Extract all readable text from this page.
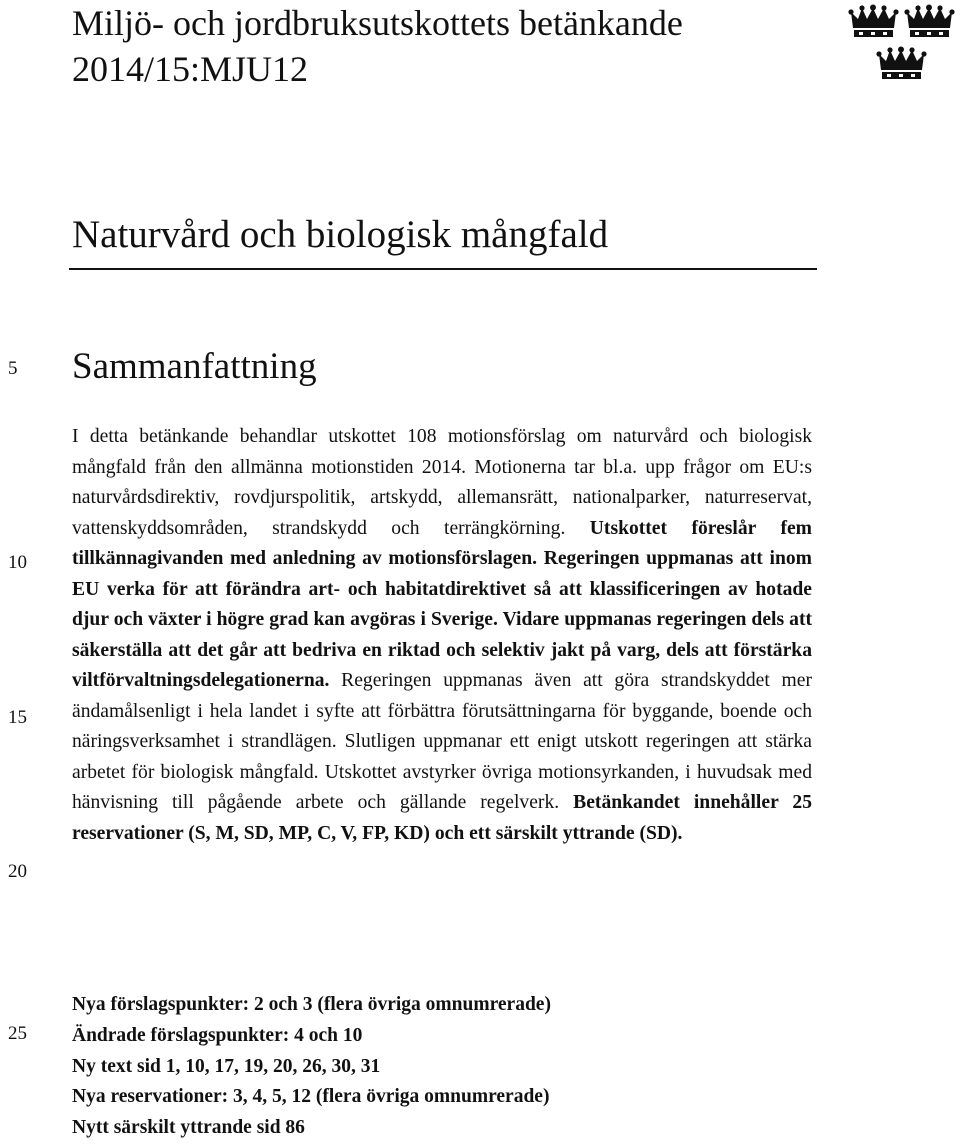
Miljö- och jordbruksutskottets betänkande
2014/15:MJU12
Naturvård och biologisk mångfald
5
10
15
20
25
Sammanfattning

I detta betänkande behandlar utskottet 108 motionsförslag om naturvård och biologisk mångfald från den allmänna motionstiden 2014. Motionerna tar bl.a. upp frågor om EU:s naturvårdsdirektiv, rovdjurspolitik, artskydd, allemansrätt, nationalparker, naturreservat, vattenskyddsområden, strandskydd och terrängkörning. Utskottet föreslår fem tillkännagivanden med anledning av motionsförslagen. Regeringen uppmanas att inom EU verka för att förändra art- och habitatdirektivet så att klassificeringen av hotade djur och växter i högre grad kan avgöras i Sverige. Vidare uppmanas regeringen dels att säkerställa att det går att bedriva en riktad och selektiv jakt på varg, dels att förstärka viltförvaltningsdelegationerna. Regeringen uppmanas även att göra strandskyddet mer ändamålsenligt i hela landet i syfte att förbättra förutsättningarna för byggande, boende och näringsverksamhet i strandlägen. Slutligen uppmanar ett enigt utskott regeringen att stärka arbetet för biologisk mångfald. Utskottet avstyrker övriga motionsyrkanden, i huvudsak med hänvisning till pågående arbete och gällande regelverk. Betänkandet innehåller 25 reservationer (S, M, SD, MP, C, V, FP, KD) och ett särskilt yttrande (SD).

Nya förslagspunkter: 2 och 3 (flera övriga omnumrerade)
Ändrade förslagspunkter: 4 och 10
Ny text sid 1, 10, 17, 19, 20, 26, 30, 31
Nya reservationer: 3, 4, 5, 12 (flera övriga omnumrerade)
Nytt särskilt yttrande sid 86
